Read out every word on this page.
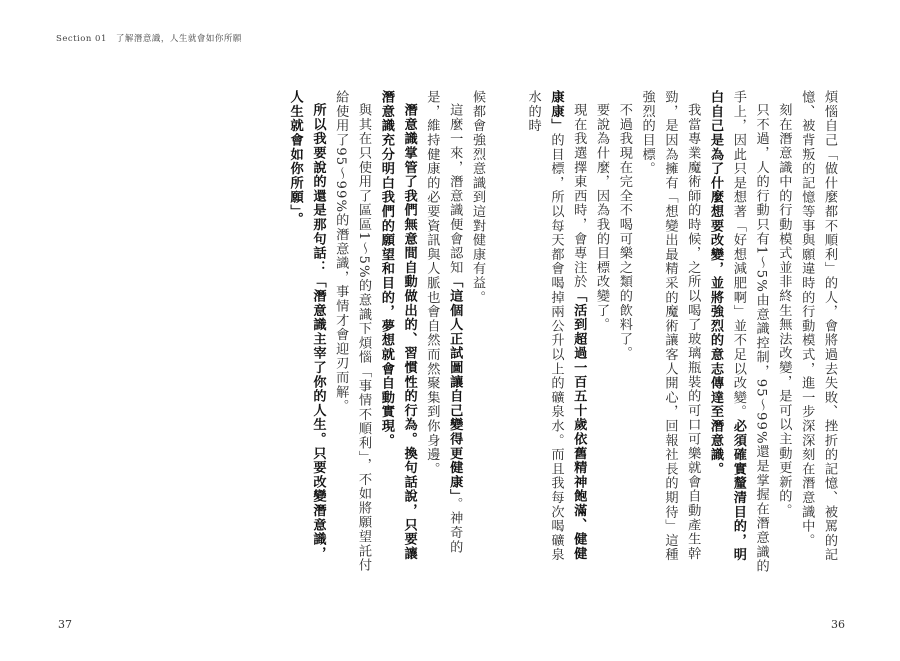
Section 01　了解潛意識，人生就會如你所願

煩惱自己「做什麼都不順利」的人，會將過去失敗、挫折的記憶、被罵的記憶、被背叛的記憶等事與願違時的行動模式，進一步深深刻在潛意識中。

刻在潛意識中的行動模式並非終生無法改變，是可以主動更新的。

只不過，人的行動只有1～5%由意識控制，95～99%還是掌握在潛意識的手上，因此只是想著「好想減肥啊」並不足以改變。必須確實釐清目的，明白自己是為了什麼想要改變，並將強烈的意志傳達至潛意識。

我當專業魔術師的時候，之所以喝了玻璃瓶裝的可口可樂就會自動產生幹勁，是因為擁有「想變出最精采的魔術讓客人開心，回報社長的期待」這種強烈的目標。

不過我現在完全不喝可樂之類的飲料了。

要說為什麼，因為我的目標改變了。

現在我選擇東西時，會專注於「活到超過一百五十歲依舊精神飽滿、健健康康」的目標，所以每天都會喝掉兩公升以上的礦泉水。而且我每次喝礦泉水的時

候都會強烈意識到這對健康有益。

這麼一來，潛意識便會認知「這個人正試圖讓自己變得更健康」。神奇的是，維持健康的必要資訊與人脈也會自然而然聚集到你身邊。

潛意識掌管了我們無意間自動做出的、習慣性的行為。換句話說，只要讓潛意識充分明白我們的願望和目的，夢想就會自動實現。

與其在只使用了區區1～5%的意識下煩惱「事情不順利」，不如將願望託付給使用了95～99%的潛意識，事情才會迎刃而解。

所以我要說的還是那句話：「潛意識主宰了你的人生。只要改變潛意識，人生就會如你所願」。

37	36
